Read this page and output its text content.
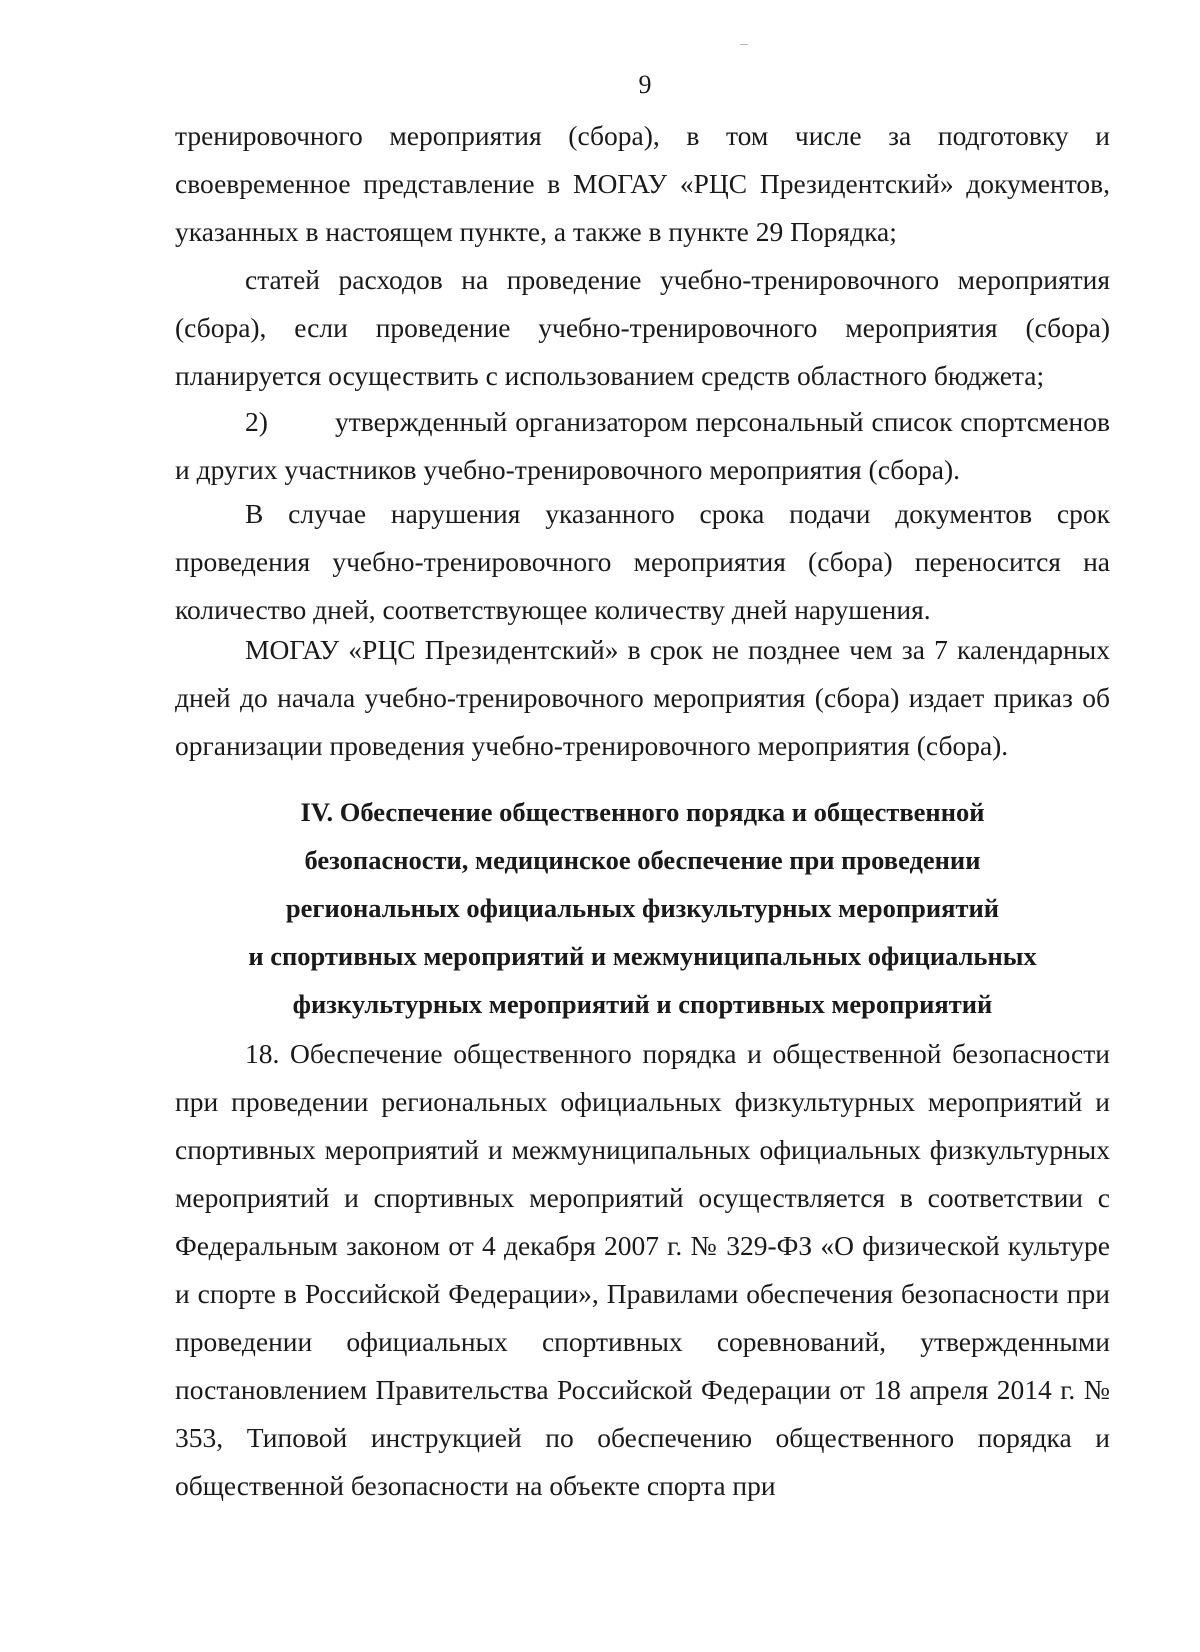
9
тренировочного мероприятия (сбора), в том числе за подготовку и своевременное представление в МОГАУ «РЦС Президентский» документов, указанных в настоящем пункте, а также в пункте 29 Порядка;
статей расходов на проведение учебно-тренировочного мероприятия (сбора), если проведение учебно-тренировочного мероприятия (сбора) планируется осуществить с использованием средств областного бюджета;
2) утвержденный организатором персональный список спортсменов и других участников учебно-тренировочного мероприятия (сбора).
В случае нарушения указанного срока подачи документов срок проведения учебно-тренировочного мероприятия (сбора) переносится на количество дней, соответствующее количеству дней нарушения.
МОГАУ «РЦС Президентский» в срок не позднее чем за 7 календарных дней до начала учебно-тренировочного мероприятия (сбора) издает приказ об организации проведения учебно-тренировочного мероприятия (сбора).
IV. Обеспечение общественного порядка и общественной
безопасности, медицинское обеспечение при проведении
региональных официальных физкультурных мероприятий
и спортивных мероприятий и межмуниципальных официальных
физкультурных мероприятий и спортивных мероприятий
18. Обеспечение общественного порядка и общественной безопасности при проведении региональных официальных физкультурных мероприятий и спортивных мероприятий и межмуниципальных официальных физкультурных мероприятий и спортивных мероприятий осуществляется в соответствии с Федеральным законом от 4 декабря 2007 г. № 329-ФЗ «О физической культуре и спорте в Российской Федерации», Правилами обеспечения безопасности при проведении официальных спортивных соревнований, утвержденными постановлением Правительства Российской Федерации от 18 апреля 2014 г. № 353, Типовой инструкцией по обеспечению общественного порядка и общественной безопасности на объекте спорта при
